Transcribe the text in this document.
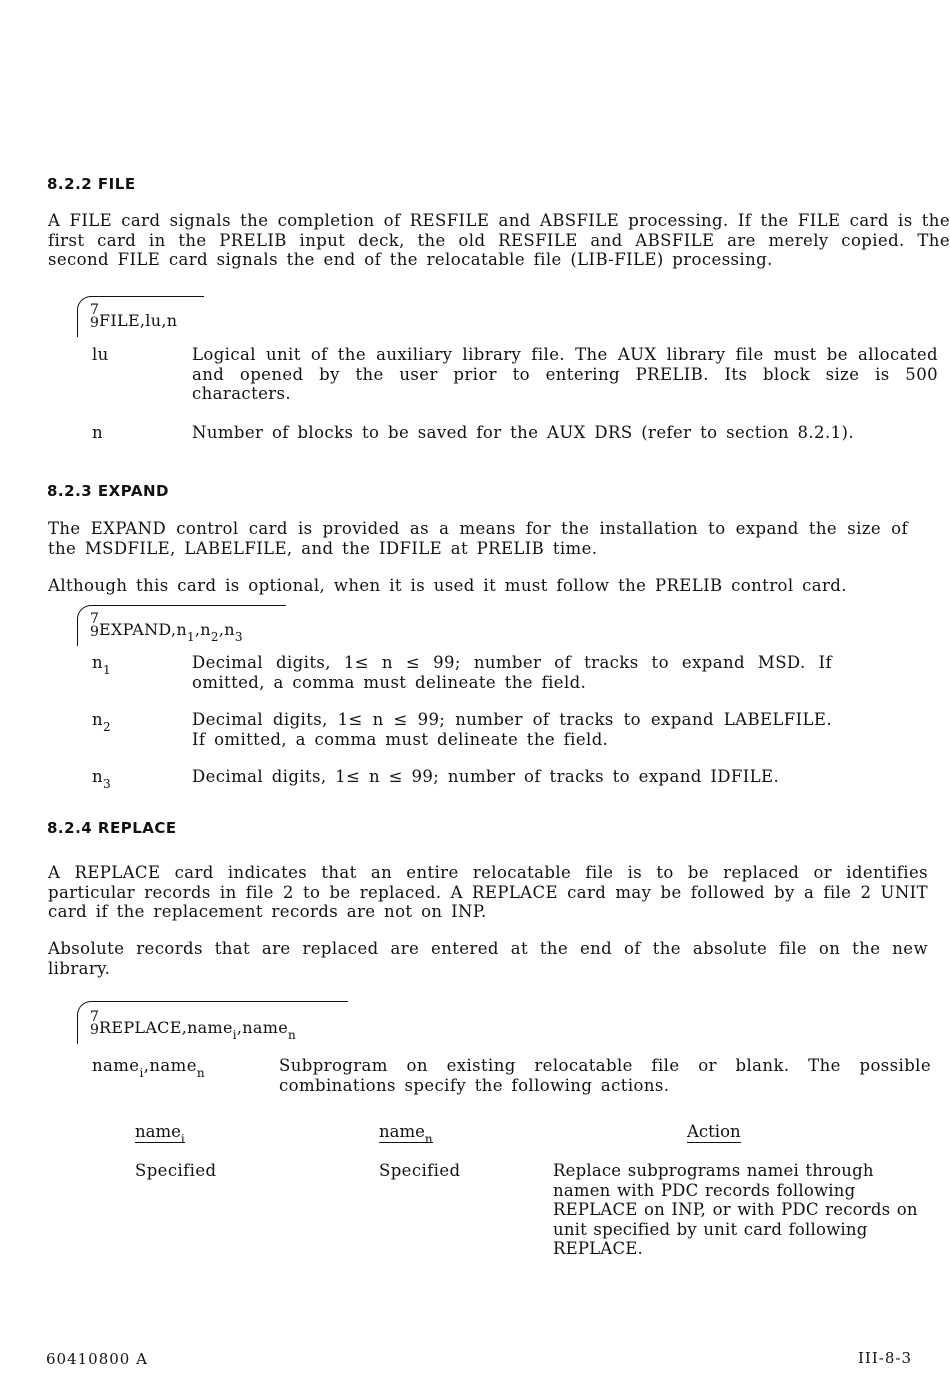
8.2.2 FILE
A FILE card signals the completion of RESFILE and ABSFILE processing. If the FILE card is the first card in the PRELIB input deck, the old RESFILE and ABSFILE are merely copied. The second FILE card signals the end of the relocatable file (LIB-FILE) processing.
7
9 FILE,lu,n
lu	Logical unit of the auxiliary library file. The AUX library file must be allocated and opened by the user prior to entering PRELIB. Its block size is 500 characters.
n	Number of blocks to be saved for the AUX DRS (refer to section 8.2.1).
8.2.3 EXPAND
The EXPAND control card is provided as a means for the installation to expand the size of the MSDFILE, LABELFILE, and the IDFILE at PRELIB time.
Although this card is optional, when it is used it must follow the PRELIB control card.
7
9 $EXPAND,n_1,n_2,n_3$
$n_1$	Decimal digits, 1≤ n ≤ 99; number of tracks to expand MSD. If omitted, a comma must delineate the field.
$n_2$	Decimal digits, 1≤ n ≤ 99; number of tracks to expand LABELFILE. If omitted, a comma must delineate the field.
$n_3$	Decimal digits, 1≤ n ≤ 99; number of tracks to expand IDFILE.
8.2.4 REPLACE
A REPLACE card indicates that an entire relocatable file is to be replaced or identifies particular records in file 2 to be replaced. A REPLACE card may be followed by a file 2 UNIT card if the replacement records are not on INP.
Absolute records that are replaced are entered at the end of the absolute file on the new library.
7
9 REPLACE,name$_i$,name$_n$
name$_i$,name$_n$	Subprogram on existing relocatable file or blank. The possible combinations specify the following actions.
name$_i$	name$_n$	Action
Specified	Specified	Replace subprograms namei through namen with PDC records following REPLACE on INP, or with PDC records on unit specified by unit card following REPLACE.
60410800 A	III-8-3
